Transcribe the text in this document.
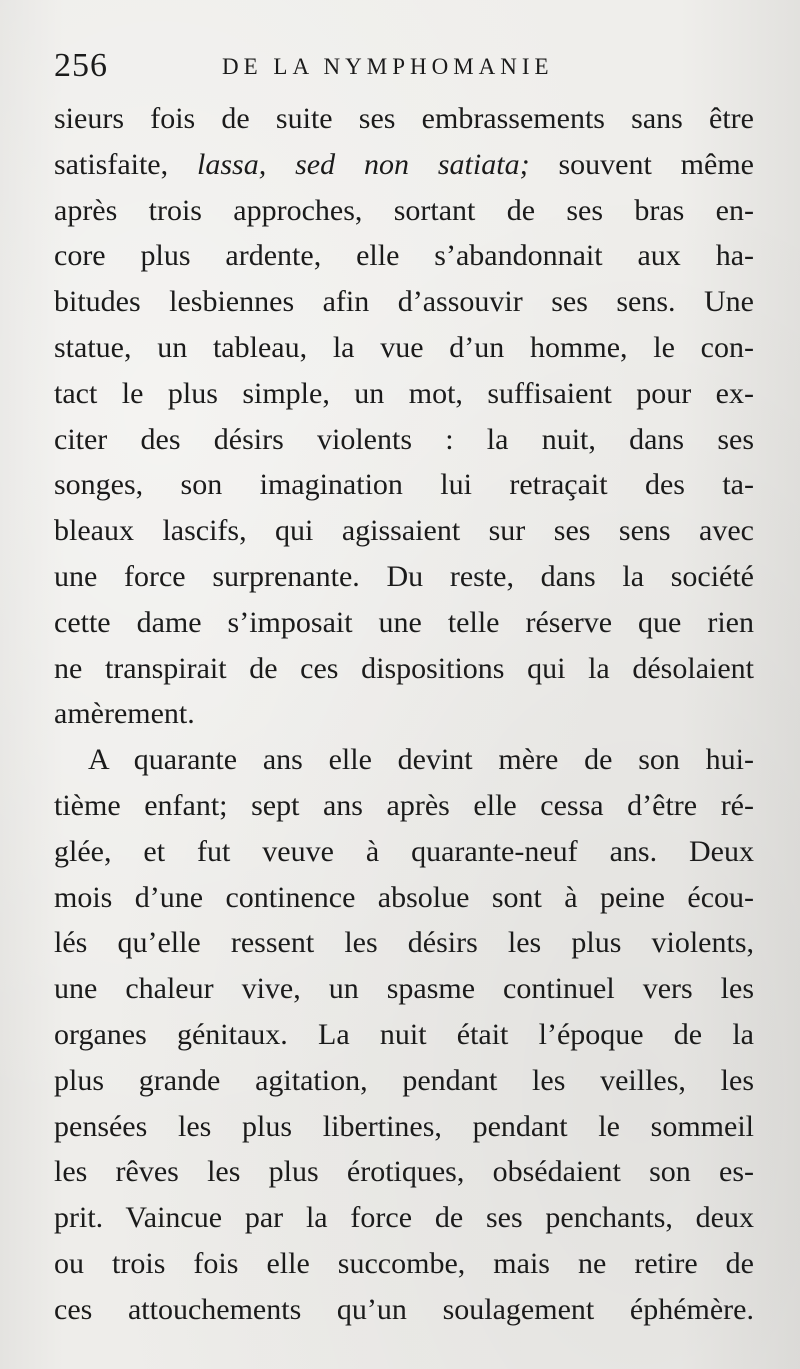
256	DE LA NYMPHOMANIE
sieurs fois de suite ses embrassements sans être
satisfaite, lassa, sed non satiata; souvent même
après trois approches, sortant de ses bras en-
core plus ardente, elle s’abandonnait aux ha-
bitudes lesbiennes afin d’assouvir ses sens. Une
statue, un tableau, la vue d’un homme, le con-
tact le plus simple, un mot, suffisaient pour ex-
citer des désirs violents : la nuit, dans ses
songes, son imagination lui retraçait des ta-
bleaux lascifs, qui agissaient sur ses sens avec
une force surprenante. Du reste, dans la société
cette dame s’imposait une telle réserve que rien
ne transpirait de ces dispositions qui la désolaient
amèrement.
A quarante ans elle devint mère de son hui-
tième enfant; sept ans après elle cessa d’être ré-
glée, et fut veuve à quarante-neuf ans. Deux
mois d’une continence absolue sont à peine écou-
lés qu’elle ressent les désirs les plus violents,
une chaleur vive, un spasme continuel vers les
organes génitaux. La nuit était l’époque de la
plus grande agitation, pendant les veilles, les
pensées les plus libertines, pendant le sommeil
les rêves les plus érotiques, obsédaient son es-
prit. Vaincue par la force de ses penchants, deux
ou trois fois elle succombe, mais ne retire de
ces attouchements qu’un soulagement éphémère.
